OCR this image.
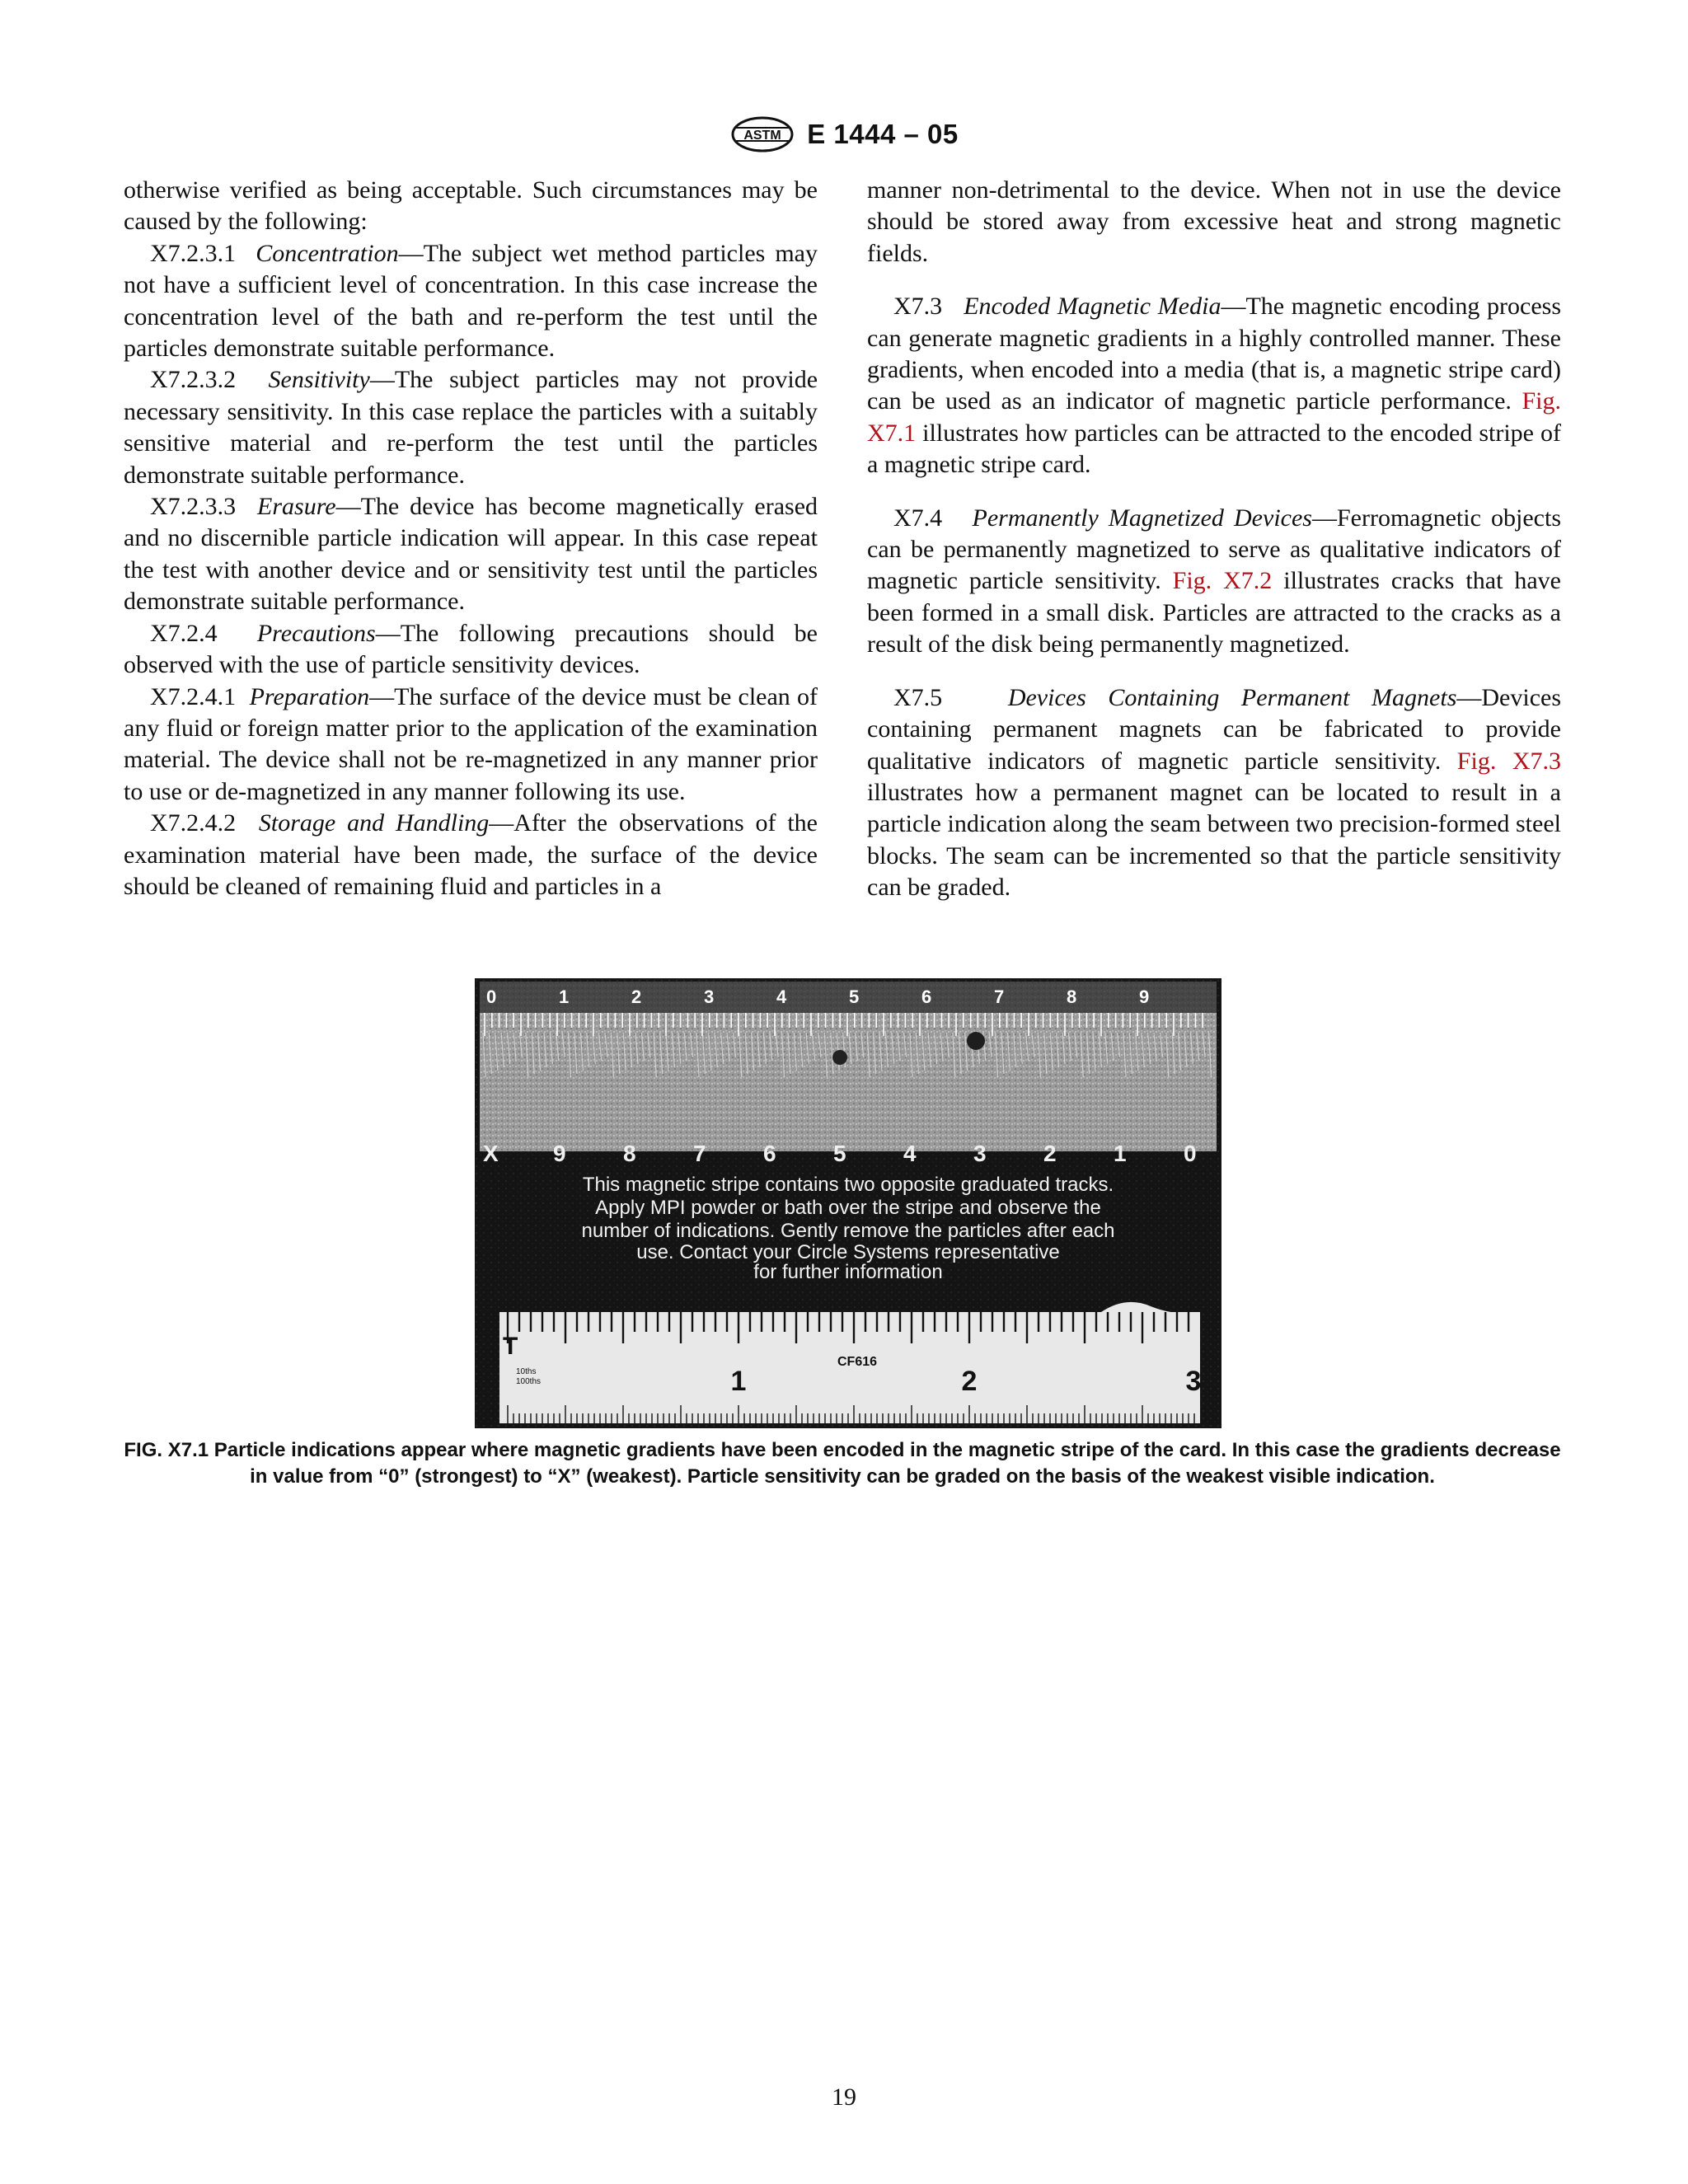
ASTM E 1444 – 05

otherwise verified as being acceptable. Such circumstances may be caused by the following:

X7.2.3.1 Concentration—The subject wet method particles may not have a sufficient level of concentration. In this case increase the concentration level of the bath and re-perform the test until the particles demonstrate suitable performance.

X7.2.3.2 Sensitivity—The subject particles may not provide necessary sensitivity. In this case replace the particles with a suitably sensitive material and re-perform the test until the particles demonstrate suitable performance.

X7.2.3.3 Erasure—The device has become magnetically erased and no discernible particle indication will appear. In this case repeat the test with another device and or sensitivity test until the particles demonstrate suitable performance.

X7.2.4 Precautions—The following precautions should be observed with the use of particle sensitivity devices.

X7.2.4.1 Preparation—The surface of the device must be clean of any fluid or foreign matter prior to the application of the examination material. The device shall not be re-magnetized in any manner prior to use or de-magnetized in any manner following its use.

X7.2.4.2 Storage and Handling—After the observations of the examination material have been made, the surface of the device should be cleaned of remaining fluid and particles in a

manner non-detrimental to the device. When not in use the device should be stored away from excessive heat and strong magnetic fields.

X7.3 Encoded Magnetic Media—The magnetic encoding process can generate magnetic gradients in a highly controlled manner. These gradients, when encoded into a media (that is, a magnetic stripe card) can be used as an indicator of magnetic particle performance. Fig. X7.1 illustrates how particles can be attracted to the encoded stripe of a magnetic stripe card.

X7.4 Permanently Magnetized Devices—Ferromagnetic objects can be permanently magnetized to serve as qualitative indicators of magnetic particle sensitivity. Fig. X7.2 illustrates cracks that have been formed in a small disk. Particles are attracted to the cracks as a result of the disk being permanently magnetized.

X7.5	Devices Containing Permanent Magnets—Devices containing permanent magnets can be fabricated to provide qualitative indicators of magnetic particle sensitivity. Fig. X7.3 illustrates how a permanent magnet can be located to result in a particle indication along the seam between two precision-formed steel blocks. The seam can be incremented so that the particle sensitivity can be graded.

0	1	2	3	4	5	6	7	8	9
X 9 8 7 6 5 4 3 2 1 0
This magnetic stripe contains two opposite graduated tracks.
Apply MPI powder or bath over the stripe and observe the
number of indications. Gently remove the particles after each
use. Contact your Circle Systems representative
for further information
T
CF616
10ths
100ths	1	2	3
FIG. X7.1 Particle indications appear where magnetic gradients have been encoded in the magnetic stripe of the card. In this case the gradients decrease in value from “0” (strongest) to “X” (weakest). Particle sensitivity can be graded on the basis of the weakest visible indication.
19
